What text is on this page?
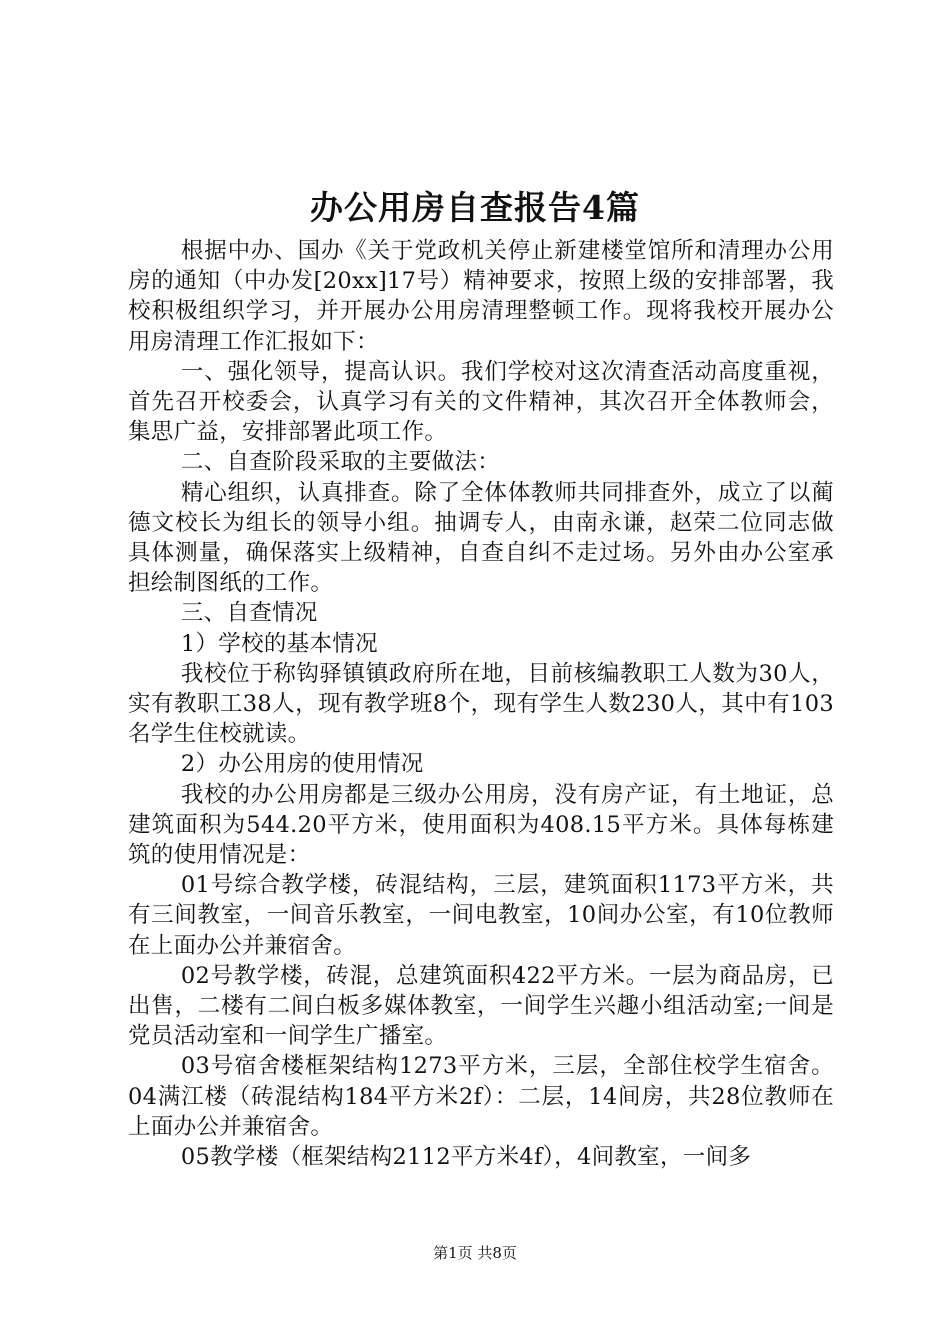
办公用房自查报告4篇

根据中办、国办《关于党政机关停止新建楼堂馆所和清理办公用房的通知（中办发[20xx]17号）精神要求，按照上级的安排部署，我校积极组织学习，并开展办公用房清理整顿工作。现将我校开展办公用房清理工作汇报如下：

一、强化领导，提高认识。我们学校对这次清查活动高度重视，首先召开校委会，认真学习有关的文件精神，其次召开全体教师会，集思广益，安排部署此项工作。

二、自查阶段采取的主要做法：

精心组织，认真排查。除了全体体教师共同排查外，成立了以蔺德文校长为组长的领导小组。抽调专人，由南永谦，赵荣二位同志做具体测量，确保落实上级精神，自查自纠不走过场。另外由办公室承担绘制图纸的工作。

三、自查情况

1）学校的基本情况

我校位于称钩驿镇镇政府所在地，目前核编教职工人数为30人，实有教职工38人，现有教学班8个，现有学生人数230人，其中有103名学生住校就读。

2）办公用房的使用情况

我校的办公用房都是三级办公用房，没有房产证，有土地证，总建筑面积为544.20平方米，使用面积为408.15平方米。具体每栋建筑的使用情况是：

01号综合教学楼，砖混结构，三层，建筑面积1173平方米，共有三间教室，一间音乐教室，一间电教室，10间办公室，有10位教师在上面办公并兼宿舍。

02号教学楼，砖混，总建筑面积422平方米。一层为商品房，已出售，二楼有二间白板多媒体教室，一间学生兴趣小组活动室;一间是党员活动室和一间学生广播室。

03号宿舍楼框架结构1273平方米，三层，全部住校学生宿舍。04满江楼（砖混结构184平方米2f）：二层，14间房，共28位教师在上面办公并兼宿舍。

05教学楼（框架结构2112平方米4f），4间教室，一间多

第1页 共8页
